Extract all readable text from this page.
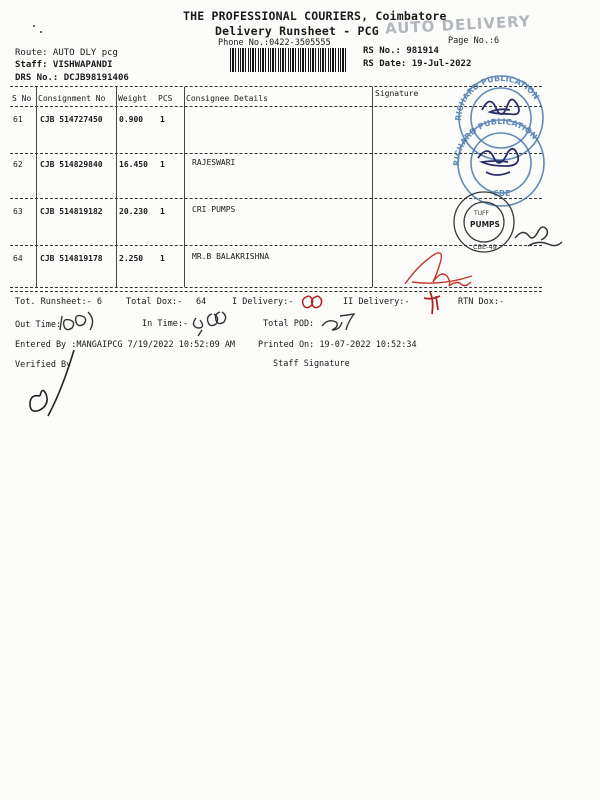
THE PROFESSIONAL COURIERS, Coimbatore
Delivery Runsheet - PCG
Phone No.:0422-3505555	Page No.:6
AUTO DELIVERY
Route: AUTO DLY pcg
Staff: VISHWAPANDI
DRS No.: DCJB98191406
RS No.: 981914
RS Date: 19-Jul-2022
S No Consignment No Weight PCS Consignee Details
Signature
61 CJB 514727450 0.900 1
62 CJB 514829840 16.450 1	RAJESWARI
63 CJB 514819182 20.230 1	CRI PUMPS
64 CJB 514819178 2.250 1	MR.B BALAKRISHNA
Tot. Runsheet:- 6	Total Dox:- 64	I Delivery:-	II Delivery:-	RTN Dox:-
Out Time:	In Time:-	Total POD:
Entered By :MANGAIPCG 7/19/2022 10:52:09 AM	Printed On: 19-07-2022 10:52:34
Verified By	Staff Signature
RICHARD PUBLICATION
RICHARD PUBLICATION
CBE
TUFF
PUMPS
CBE-49
